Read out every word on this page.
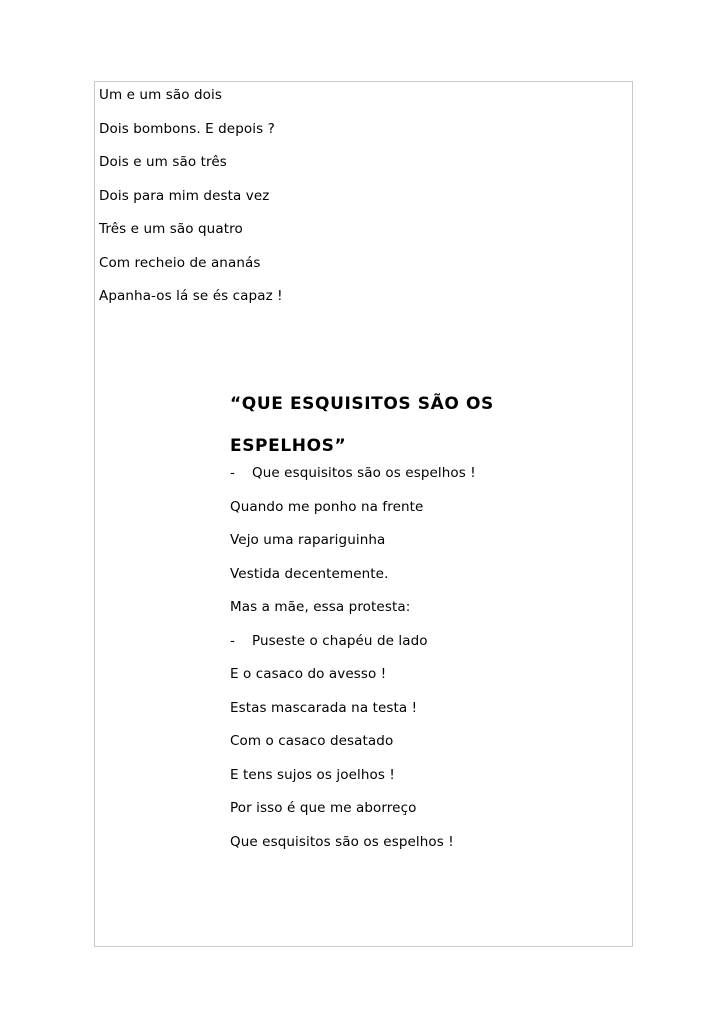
Um e um são dois
Dois bombons. E depois ?
Dois e um são três
Dois para mim desta vez
Três e um são quatro
Com recheio de ananás
Apanha-os lá se és capaz !
“QUE ESQUISITOS SÃO OS
ESPELHOS”
- Que esquisitos são os espelhos !
Quando me ponho na frente
Vejo uma rapariguinha
Vestida decentemente.
Mas a mãe, essa protesta:
- Puseste o chapéu de lado
E o casaco do avesso !
Estas mascarada na testa !
Com o casaco desatado
E tens sujos os joelhos !
Por isso é que me aborreço
Que esquisitos são os espelhos !
